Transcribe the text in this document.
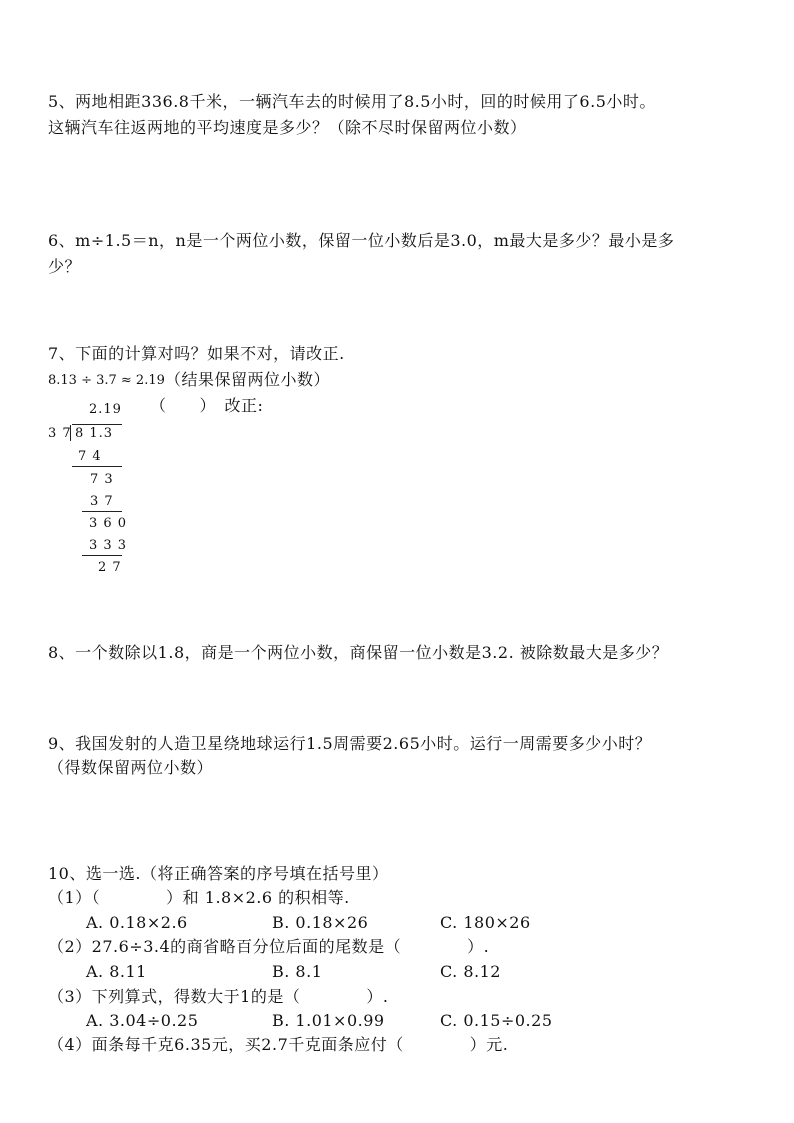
5、两地相距336.8千米，一辆汽车去的时候用了8.5小时，回的时候用了6.5小时。
这辆汽车往返两地的平均速度是多少？（除不尽时保留两位小数）
6、m÷1.5＝n，n是一个两位小数，保留一位小数后是3.0，m最大是多少？最小是多
少？
7、下面的计算对吗？如果不对，请改正.
8.13 ÷ 3.7 ≈ 2.19 （结果保留两位小数）
（　　）　改正:
2.19
3 7 8 1.3
7 4
7 3
3 7
3 6 0
3 3 3
2 7
8、一个数除以1.8，商是一个两位小数，商保留一位小数是3.2. 被除数最大是多少？
9、我国发射的人造卫星绕地球运行1.5周需要2.65小时。运行一周需要多少小时？
（得数保留两位小数）
10、选一选.（将正确答案的序号填在括号里）
（1）（　　　　）和 1.8×2.6 的积相等.
A. 0.18×2.6	B. 0.18×26	C. 180×26
（2）27.6÷3.4的商省略百分位后面的尾数是（　　　　）.
A. 8.11	B. 8.1	C. 8.12
（3）下列算式，得数大于1的是（　　　　）.
A. 3.04÷0.25	B. 1.01×0.99	C. 0.15÷0.25
（4）面条每千克6.35元，买2.7千克面条应付（　　　　）元.
